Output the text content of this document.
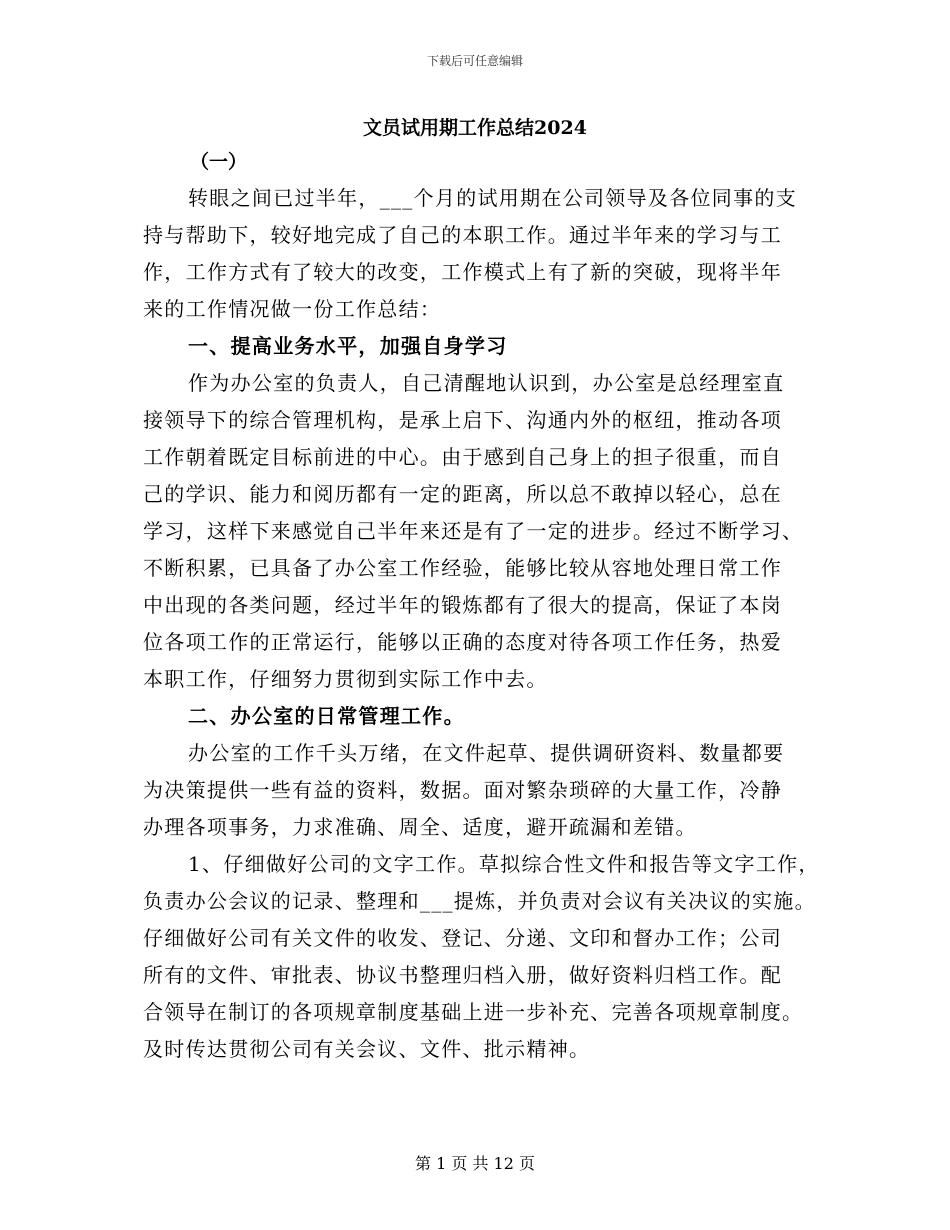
下载后可任意编辑
文员试用期工作总结2024
（一）
转眼之间已过半年，___个月的试用期在公司领导及各位同事的支
持与帮助下，较好地完成了自己的本职工作。通过半年来的学习与工
作，工作方式有了较大的改变，工作模式上有了新的突破，现将半年
来的工作情况做一份工作总结：
一、提高业务水平，加强自身学习
作为办公室的负责人，自己清醒地认识到，办公室是总经理室直
接领导下的综合管理机构，是承上启下、沟通内外的枢纽，推动各项
工作朝着既定目标前进的中心。由于感到自己身上的担子很重，而自
己的学识、能力和阅历都有一定的距离，所以总不敢掉以轻心，总在
学习，这样下来感觉自己半年来还是有了一定的进步。经过不断学习、
不断积累，已具备了办公室工作经验，能够比较从容地处理日常工作
中出现的各类问题，经过半年的锻炼都有了很大的提高，保证了本岗
位各项工作的正常运行，能够以正确的态度对待各项工作任务，热爱
本职工作，仔细努力贯彻到实际工作中去。
二、办公室的日常管理工作。
办公室的工作千头万绪，在文件起草、提供调研资料、数量都要
为决策提供一些有益的资料，数据。面对繁杂琐碎的大量工作，冷静
办理各项事务，力求准确、周全、适度，避开疏漏和差错。
1、仔细做好公司的文字工作。草拟综合性文件和报告等文字工作，
负责办公会议的记录、整理和___提炼，并负责对会议有关决议的实施。
仔细做好公司有关文件的收发、登记、分递、文印和督办工作；公司
所有的文件、审批表、协议书整理归档入册，做好资料归档工作。配
合领导在制订的各项规章制度基础上进一步补充、完善各项规章制度。
及时传达贯彻公司有关会议、文件、批示精神。
第 1 页 共 12 页
